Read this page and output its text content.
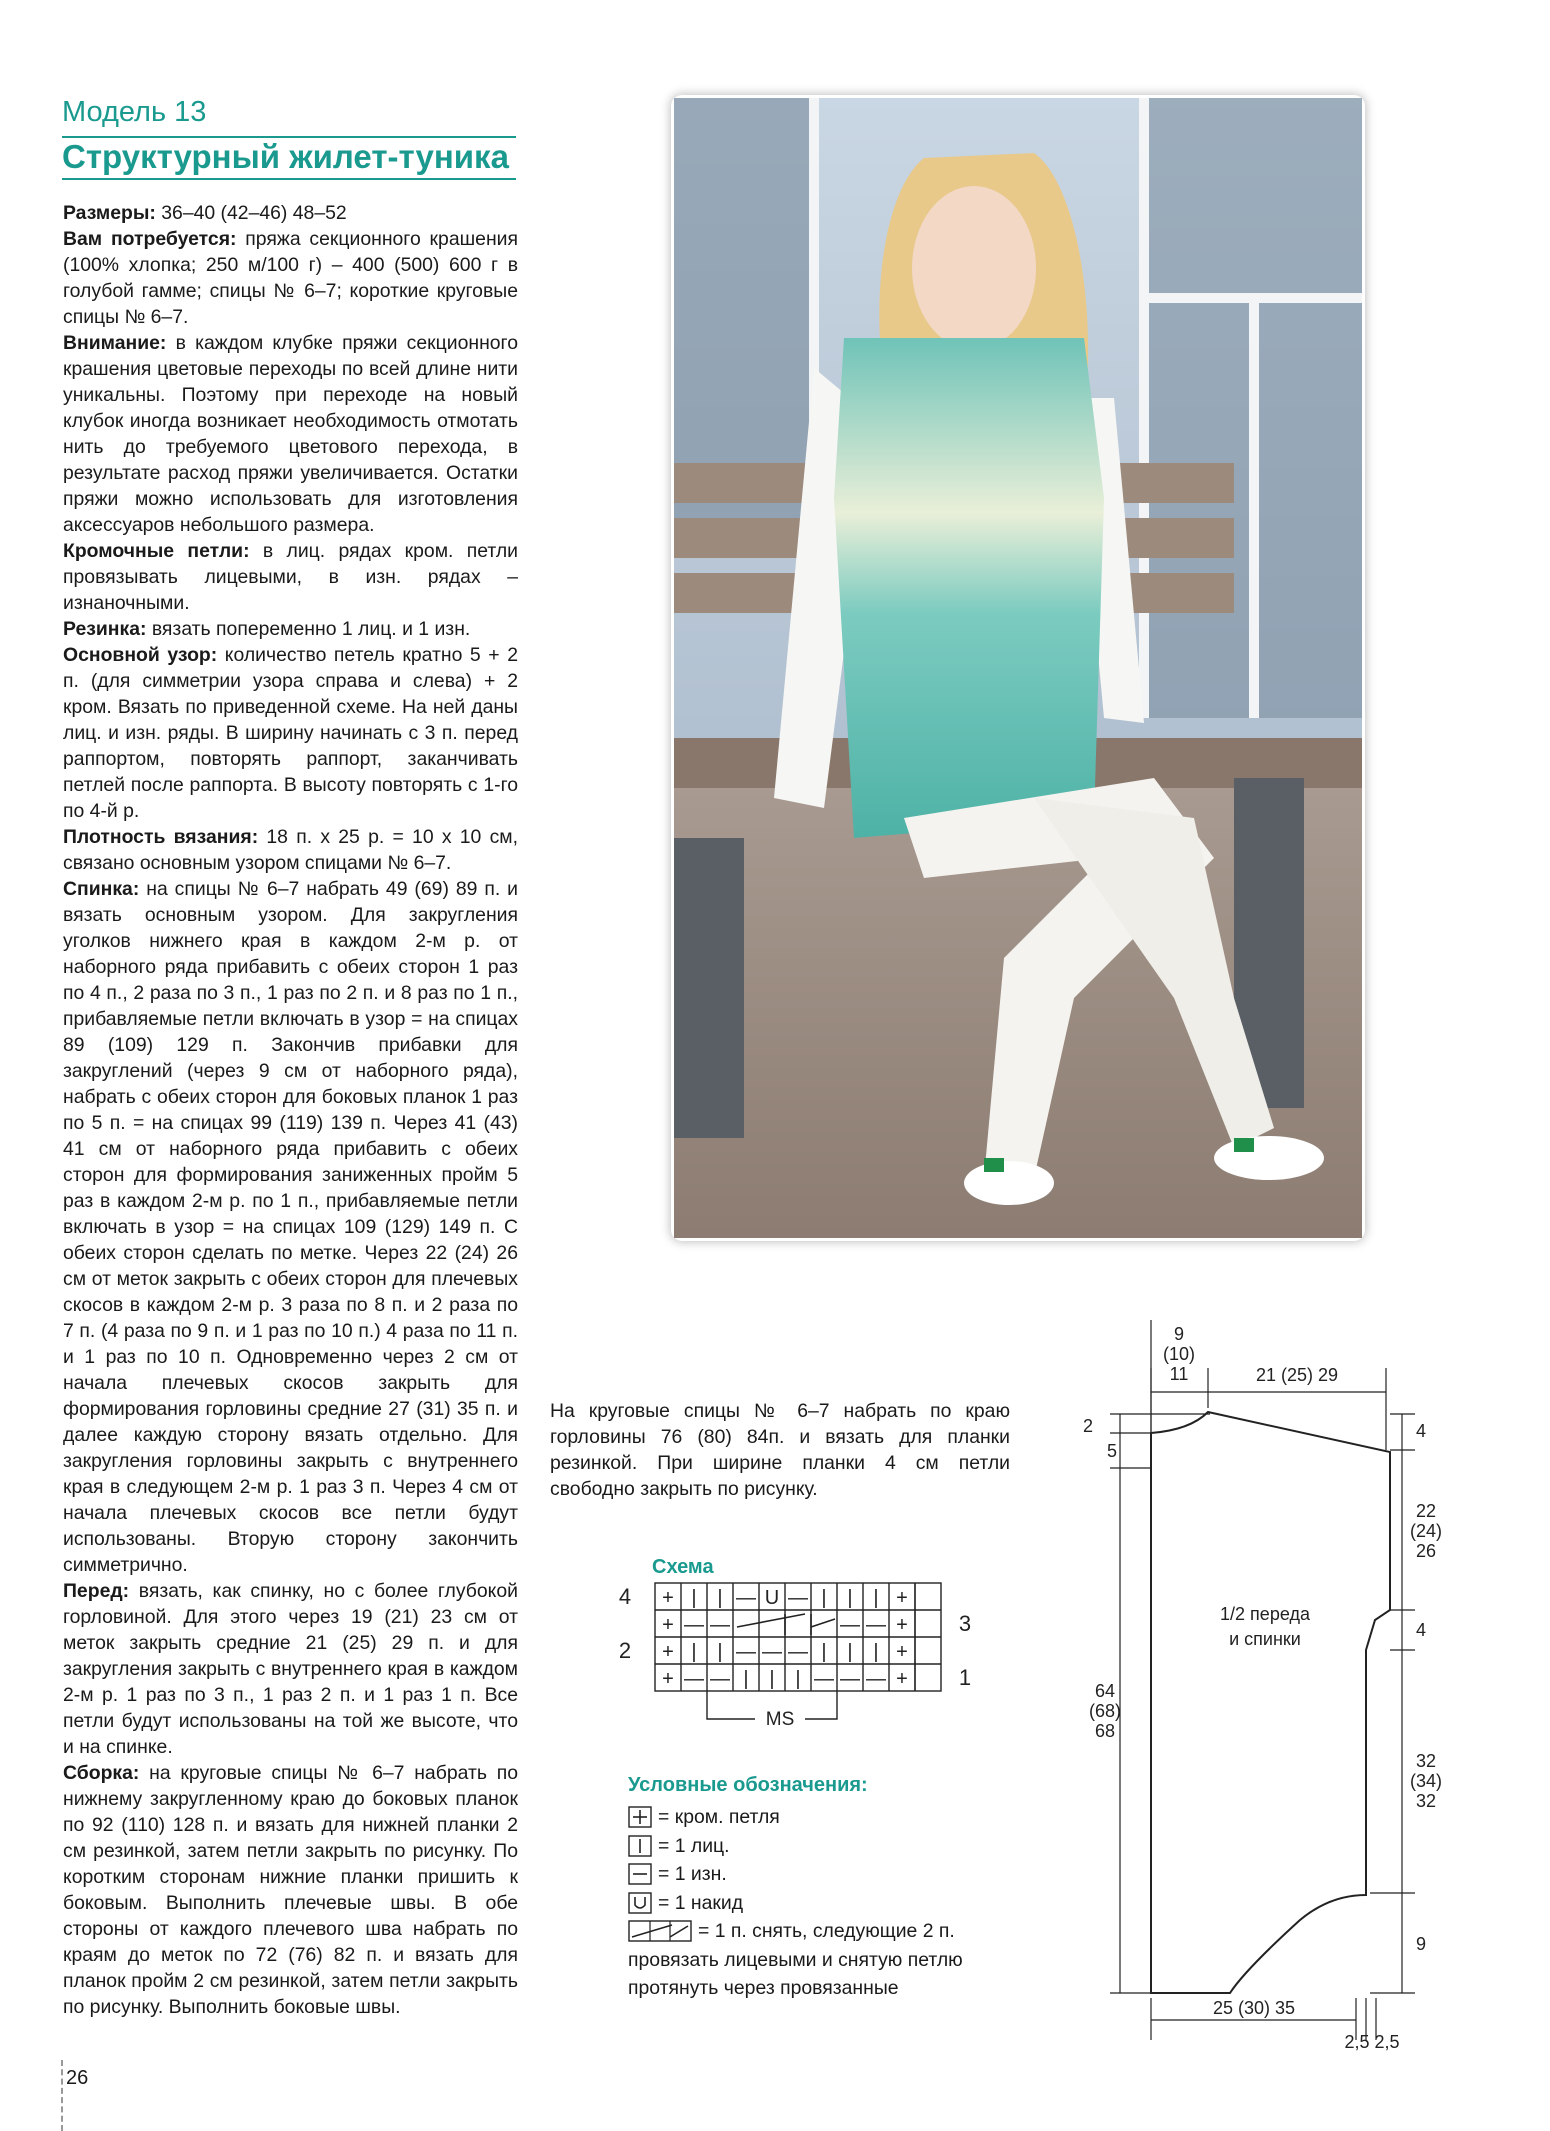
Модель 13
Структурный жилет-туника

Размеры: 36–40 (42–46) 48–52

Вам потребуется: пряжа секционного крашения (100% хлопка; 250 м/100 г) – 400 (500) 600 г в голубой гамме; спицы № 6–7; короткие круговые спицы № 6–7.

Внимание: в каждом клубке пряжи секционного крашения цветовые переходы по всей длине нити уникальны. Поэтому при переходе на новый клубок иногда возникает необходимость отмотать нить до требуемого цветового перехода, в результате расход пряжи увеличивается. Остатки пряжи можно использовать для изготовления аксессуаров небольшого размера.

Кромочные петли: в лиц. рядах кром. петли провязывать лицевыми, в изн. рядах – изнаночными.

Резинка: вязать попеременно 1 лиц. и 1 изн.

Основной узор: количество петель кратно 5 + 2 п. (для симметрии узора справа и слева) + 2 кром. Вязать по приведенной схеме. На ней даны лиц. и изн. ряды. В ширину начинать с 3 п. перед раппортом, повторять раппорт, заканчивать петлей после раппорта. В высоту повторять с 1-го по 4-й р.

Плотность вязания: 18 п. х 25 р. = 10 х 10 см, связано основным узором спицами № 6–7.

Спинка: на спицы № 6–7 набрать 49 (69) 89 п. и вязать основным узором. Для закругления уголков нижнего края в каждом 2-м р. от наборного ряда прибавить с обеих сторон 1 раз по 4 п., 2 раза по 3 п., 1 раз по 2 п. и 8 раз по 1 п., прибавляемые петли включать в узор = на спицах 89 (109) 129 п. Закончив прибавки для закруглений (через 9 см от наборного ряда), набрать с обеих сторон для боковых планок 1 раз по 5 п. = на спицах 99 (119) 139 п. Через 41 (43) 41 см от наборного ряда прибавить с обеих сторон для формирования заниженных пройм 5 раз в каждом 2-м р. по 1 п., прибавляемые петли включать в узор = на спицах 109 (129) 149 п. С обеих сторон сделать по метке. Через 22 (24) 26 см от меток закрыть с обеих сторон для плечевых скосов в каждом 2-м р. 3 раза по 8 п. и 2 раза по 7 п. (4 раза по 9 п. и 1 раз по 10 п.) 4 раза по 11 п. и 1 раз по 10 п. Одновременно через 2 см от начала плечевых скосов закрыть для формирования горловины средние 27 (31) 35 п. и далее каждую сторону вязать отдельно. Для закругления горловины закрыть с внутреннего края в следующем 2-м р. 1 раз 3 п. Через 4 см от начала плечевых скосов все петли будут использованы. Вторую сторону закончить симметрично.

Перед: вязать, как спинку, но с более глубокой горловиной. Для этого через 19 (21) 23 см от меток закрыть средние 21 (25) 29 п. и для закругления закрыть с внутреннего края в каждом 2-м р. 1 раз по 3 п., 1 раз 2 п. и 1 раз 1 п. Все петли будут использованы на той же высоте, что и на спинке.

Сборка: на круговые спицы № 6–7 набрать по нижнему закругленному краю до боковых планок по 92 (110) 128 п. и вязать для нижней планки 2 см резинкой, затем петли закрыть по рисунку. По коротким сторонам нижние планки пришить к боковым. Выполнить плечевые швы. В обе стороны от каждого плечевого шва набрать по краям до меток по 72 (76) 82 п. и вязать для планок пройм 2 см резинкой, затем петли закрыть по рисунку. Выполнить боковые швы.

26
На круговые спицы № 6–7 набрать по краю горловины 76 (80) 84п. и вязать для планки резинкой. При ширине планки 4 см петли свободно закрыть по рисунку.
Схема
+ | | — U — | | | +
+ — —	— — +
+ | | — — — | | | +
+ — — | | | — — — +
4
2
3
1
MS
Условные обозначения:
= кром. петля
= 1 лиц.
= 1 изн.
= 1 накид
= 1 п. снять, следующие 2 п.
провязать лицевыми и снятую петлю
протянуть через провязанные
9
(10)
11	21 (25) 29
2
5
64
(68)
68
4
22
(24)
26
4
32
(34)
32
9
1/2 переда
и спинки
25 (30) 35
2,5 2,5
